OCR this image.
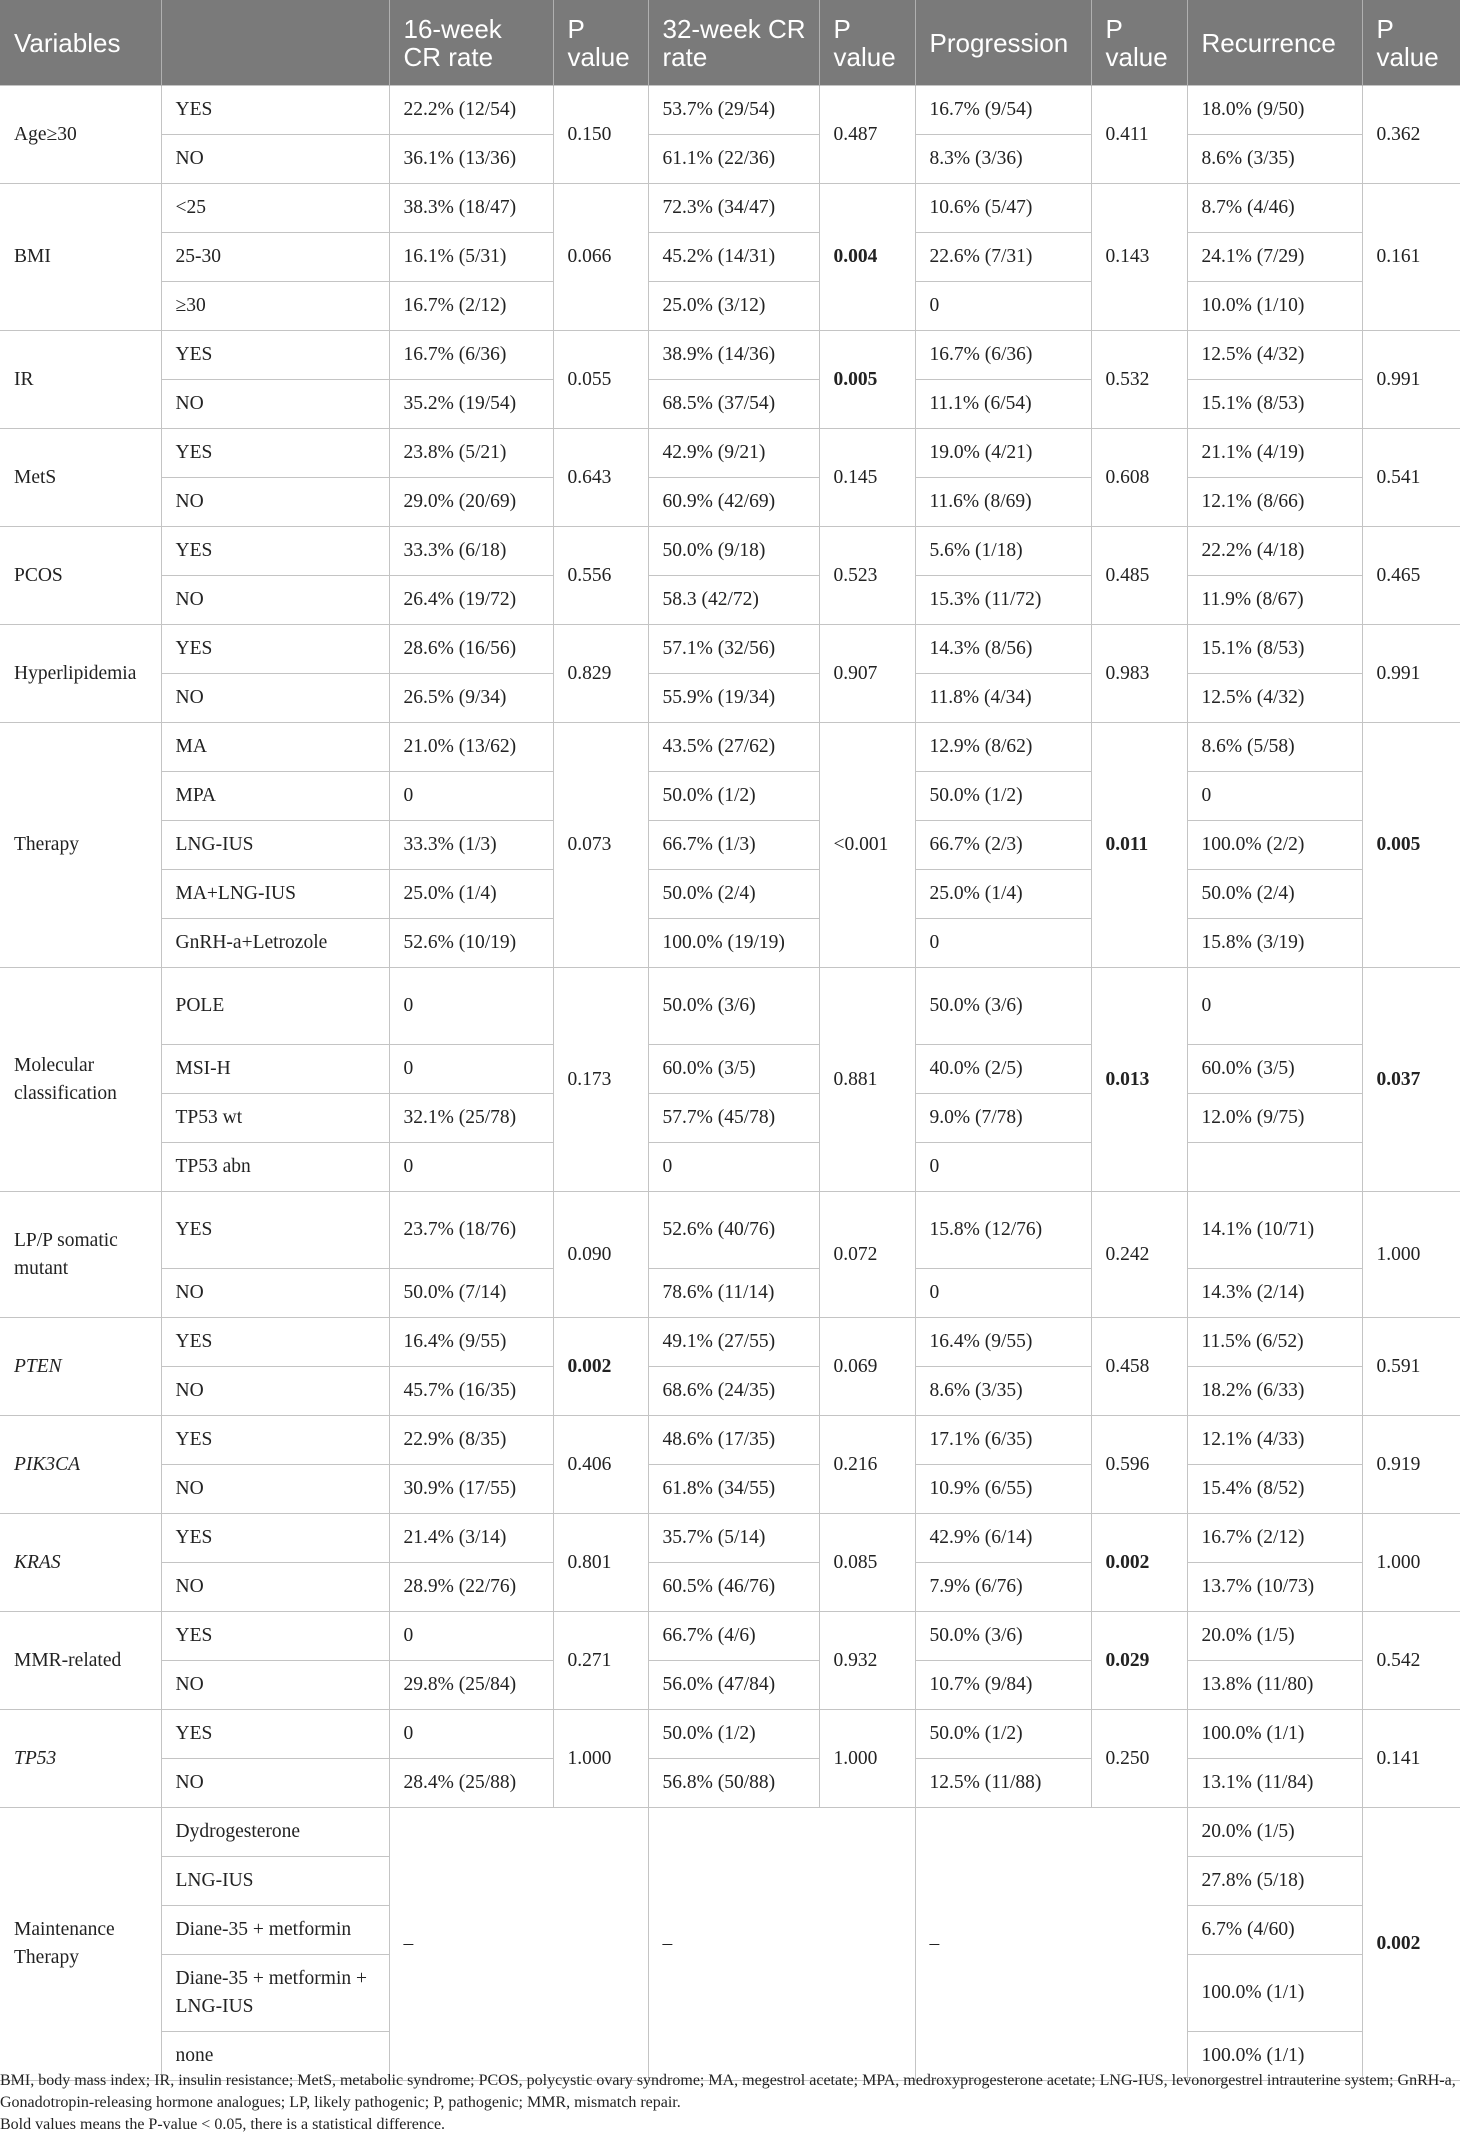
Variables		16-week CR rate	P value	32-week CR rate	P value	Progression	P value	Recurrence	P value
Age≥30	YES	22.2% (12/54)	0.150	53.7% (29/54)	0.487	16.7% (9/54)	0.411	18.0% (9/50)	0.362
	NO	36.1% (13/36)		61.1% (22/36)		8.3% (3/36)		8.6% (3/35)	
BMI	<25	38.3% (18/47)	0.066	72.3% (34/47)	0.004	10.6% (5/47)	0.143	8.7% (4/46)	0.161
	25-30	16.1% (5/31)		45.2% (14/31)		22.6% (7/31)		24.1% (7/29)	
	≥30	16.7% (2/12)		25.0% (3/12)		0		10.0% (1/10)	
IR	YES	16.7% (6/36)	0.055	38.9% (14/36)	0.005	16.7% (6/36)	0.532	12.5% (4/32)	0.991
	NO	35.2% (19/54)		68.5% (37/54)		11.1% (6/54)		15.1% (8/53)	
MetS	YES	23.8% (5/21)	0.643	42.9% (9/21)	0.145	19.0% (4/21)	0.608	21.1% (4/19)	0.541
	NO	29.0% (20/69)		60.9% (42/69)		11.6% (8/69)		12.1% (8/66)	
PCOS	YES	33.3% (6/18)	0.556	50.0% (9/18)	0.523	5.6% (1/18)	0.485	22.2% (4/18)	0.465
	NO	26.4% (19/72)		58.3 (42/72)		15.3% (11/72)		11.9% (8/67)	
Hyperlipidemia	YES	28.6% (16/56)	0.829	57.1% (32/56)	0.907	14.3% (8/56)	0.983	15.1% (8/53)	0.991
	NO	26.5% (9/34)		55.9% (19/34)		11.8% (4/34)		12.5% (4/32)	
Therapy	MA	21.0% (13/62)	0.073	43.5% (27/62)	<0.001	12.9% (8/62)	0.011	8.6% (5/58)	0.005
	MPA	0		50.0% (1/2)		50.0% (1/2)		0	
	LNG-IUS	33.3% (1/3)		66.7% (1/3)		66.7% (2/3)		100.0% (2/2)	
	MA+LNG-IUS	25.0% (1/4)		50.0% (2/4)		25.0% (1/4)		50.0% (2/4)	
	GnRH-a+Letrozole	52.6% (10/19)		100.0% (19/19)		0		15.8% (3/19)	
Molecular classification	POLE	0	0.173	50.0% (3/6)	0.881	50.0% (3/6)	0.013	0	0.037
	MSI-H	0		60.0% (3/5)		40.0% (2/5)		60.0% (3/5)	
	TP53 wt	32.1% (25/78)		57.7% (45/78)		9.0% (7/78)		12.0% (9/75)	
	TP53 abn	0		0		0			
LP/P somatic mutant	YES	23.7% (18/76)	0.090	52.6% (40/76)	0.072	15.8% (12/76)	0.242	14.1% (10/71)	1.000
	NO	50.0% (7/14)		78.6% (11/14)		0		14.3% (2/14)	
PTEN	YES	16.4% (9/55)	0.002	49.1% (27/55)	0.069	16.4% (9/55)	0.458	11.5% (6/52)	0.591
	NO	45.7% (16/35)		68.6% (24/35)		8.6% (3/35)		18.2% (6/33)	
PIK3CA	YES	22.9% (8/35)	0.406	48.6% (17/35)	0.216	17.1% (6/35)	0.596	12.1% (4/33)	0.919
	NO	30.9% (17/55)		61.8% (34/55)		10.9% (6/55)		15.4% (8/52)	
KRAS	YES	21.4% (3/14)	0.801	35.7% (5/14)	0.085	42.9% (6/14)	0.002	16.7% (2/12)	1.000
	NO	28.9% (22/76)		60.5% (46/76)		7.9% (6/76)		13.7% (10/73)	
MMR-related	YES	0	0.271	66.7% (4/6)	0.932	50.0% (3/6)	0.029	20.0% (1/5)	0.542
	NO	29.8% (25/84)		56.0% (47/84)		10.7% (9/84)		13.8% (11/80)	
TP53	YES	0	1.000	50.0% (1/2)	1.000	50.0% (1/2)	0.250	100.0% (1/1)	0.141
	NO	28.4% (25/88)		56.8% (50/88)		12.5% (11/88)		13.1% (11/84)	
Maintenance Therapy	Dydrogesterone	–		–		–		20.0% (1/5)	0.002
	LNG-IUS							27.8% (5/18)	
	Diane-35 + metformin							6.7% (4/60)	
	Diane-35 + metformin + LNG-IUS							100.0% (1/1)	
	none							100.0% (1/1)	

BMI, body mass index; IR, insulin resistance; MetS, metabolic syndrome; PCOS, polycystic ovary syndrome; MA, megestrol acetate; MPA, medroxyprogesterone acetate; LNG-IUS, levonorgestrel intrauterine system; GnRH-a, Gonadotropin-releasing hormone analogues; LP, likely pathogenic; P, pathogenic; MMR, mismatch repair.

Bold values means the P-value < 0.05, there is a statistical difference.
